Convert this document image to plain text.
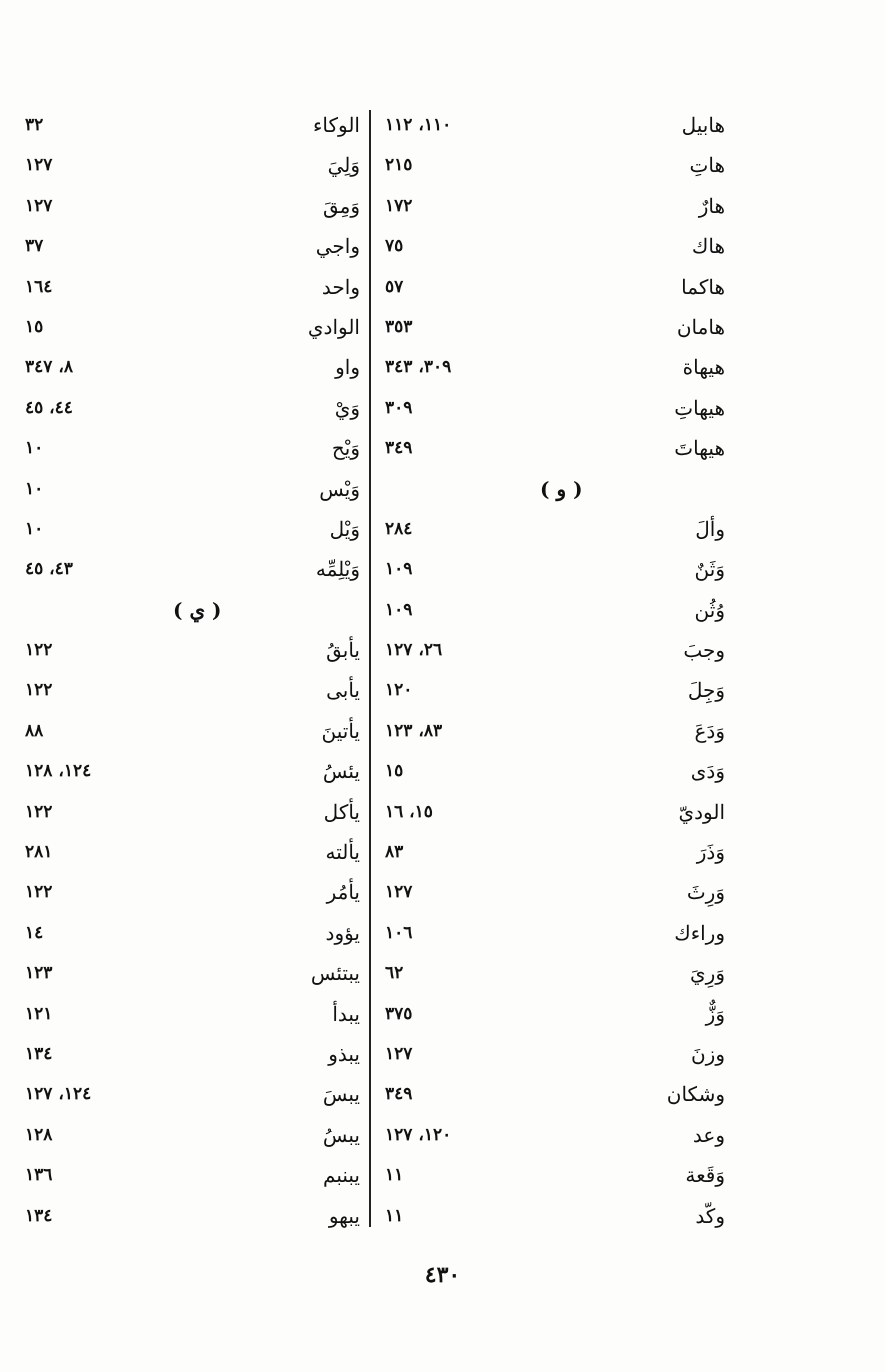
هابيل
١١٠، ١١٢
هاتِ
٢١٥
هارٌ
١٧٢
هاك
٧٥
هاكما
٥٧
هامان
٣٥٣
هيهاة
٣٠٩، ٣٤٣
هيهاتِ
٣٠٩
هيهاتَ
٣٤٩
( و )
وألَ
٢٨٤
وَثَنٌ
١٠٩
وُثُن
١٠٩
وجبَ
٢٦، ١٢٧
وَجِلَ
١٢٠
وَدَعَ
٨٣، ١٢٣
وَدَى
١٥
الوديّ
١٥، ١٦
وَذَرَ
٨٣
وَرِثَ
١٢٧
وراءك
١٠٦
وَرِيَ
٦٢
وَزٌّ
٣٧٥
وزنَ
١٢٧
وشكان
٣٤٩
وعد
١٢٠، ١٢٧
وَقَعة
١١
وكّد
١١
الوكاء
٣٢
وَلِيَ
١٢٧
وَمِقَ
١٢٧
واجي
٣٧
واحد
١٦٤
الوادي
١٥
واو
٨، ٣٤٧
وَيْ
٤٤، ٤٥
وَيْح
١٠
وَيْس
١٠
وَيْل
١٠
وَيْلِمِّه
٤٣، ٤٥
( ي )
يأبقُ
١٢٢
يأبى
١٢٢
يأتينَ
٨٨
يئسُ
١٢٤، ١٢٨
يأكل
١٢٢
يألته
٢٨١
يأمُر
١٢٢
يؤود
١٤
يبتئس
١٢٣
يبدأ
١٢١
يبذو
١٣٤
يبسَ
١٢٤، ١٢٧
يبسُ
١٢٨
يبنبم
١٣٦
يبهو
١٣٤
٤٣٠
